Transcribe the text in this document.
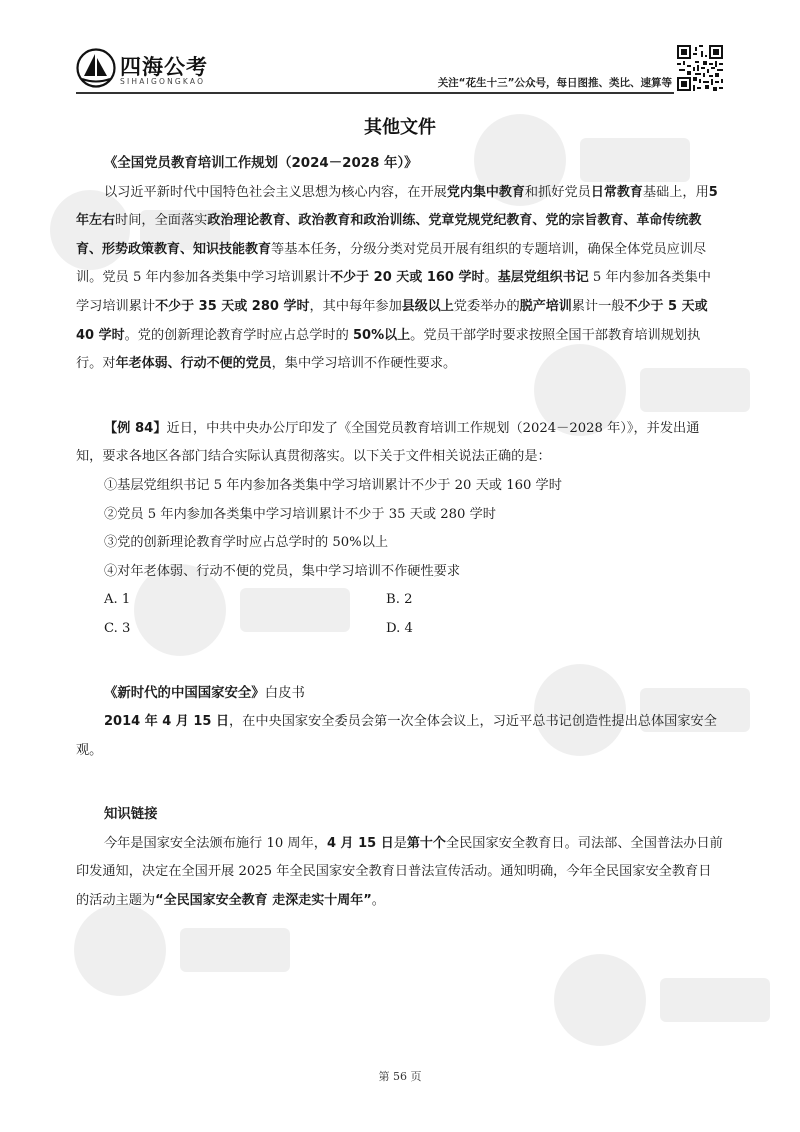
四海公考
SIHAIGONGKAO	关注“花生十三”公众号，每日图推、类比、速算等
其他文件

《全国党员教育培训工作规划（2024－2028 年）》

以习近平新时代中国特色社会主义思想为核心内容，在开展党内集中教育和抓好党员日常教育基础上，用5 年左右时间，全面落实政治理论教育、政治教育和政治训练、党章党规党纪教育、党的宗旨教育、革命传统教育、形势政策教育、知识技能教育等基本任务，分级分类对党员开展有组织的专题培训，确保全体党员应训尽训。党员 5 年内参加各类集中学习培训累计不少于 20 天或 160 学时。基层党组织书记 5 年内参加各类集中学习培训累计不少于 35 天或 280 学时，其中每年参加县级以上党委举办的脱产培训累计一般不少于 5 天或 40 学时。党的创新理论教育学时应占总学时的 50%以上。党员干部学时要求按照全国干部教育培训规划执行。对年老体弱、行动不便的党员，集中学习培训不作硬性要求。

【例 84】近日，中共中央办公厅印发了《全国党员教育培训工作规划（2024－2028 年）》，并发出通知，要求各地区各部门结合实际认真贯彻落实。以下关于文件相关说法正确的是：

①基层党组织书记 5 年内参加各类集中学习培训累计不少于 20 天或 160 学时

②党员 5 年内参加各类集中学习培训累计不少于 35 天或 280 学时

③党的创新理论教育学时应占总学时的 50%以上

④对年老体弱、行动不便的党员，集中学习培训不作硬性要求

A. 1	B. 2
C. 3	D. 4

《新时代的中国国家安全》白皮书

2014 年 4 月 15 日，在中央国家安全委员会第一次全体会议上，习近平总书记创造性提出总体国家安全观。

知识链接

今年是国家安全法颁布施行 10 周年，4 月 15 日是第十个全民国家安全教育日。司法部、全国普法办日前印发通知，决定在全国开展 2025 年全民国家安全教育日普法宣传活动。通知明确，今年全民国家安全教育日的活动主题为“全民国家安全教育 走深走实十周年”。

第 56 页
